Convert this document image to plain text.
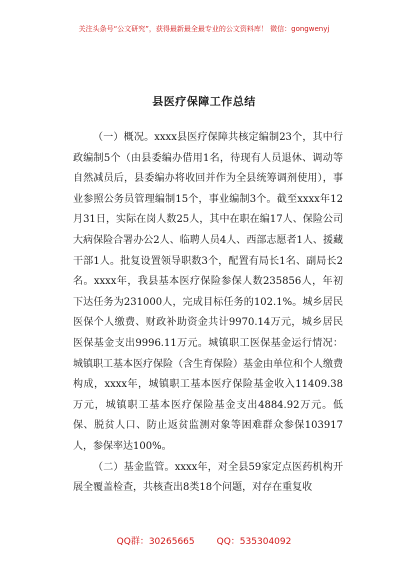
关注头条号“公文研究”，获得最新最全最专业的公文资料库！ 微信：gongwenyj
县医疗保障工作总结

（一）概况。xxxx县医疗保障共核定编制23个，其中行政编制5个（由县委编办借用1名，待现有人员退休、调动等自然减员后，县委编办将收回并作为全县统筹调剂使用），事业参照公务员管理编制15个，事业编制3个。截至xxxx年12月31日，实际在岗人数25人，其中在职在编17人、保险公司大病保险合署办公2人、临聘人员4人、西部志愿者1人、援藏干部1人。批复设置领导职数3个，配置有局长1名、副局长2名。xxxx年，我县基本医疗保险参保人数235856人，年初下达任务为231000人，完成目标任务的102.1%。城乡居民医保个人缴费、财政补助资金共计9970.14万元，城乡居民医保基金支出9996.11万元。城镇职工医保基金运行情况：城镇职工基本医疗保险（含生育保险）基金由单位和个人缴费构成，xxxx年，城镇职工基本医疗保险基金收入11409.38万元，城镇职工基本医疗保险基金支出4884.92万元。低保、脱贫人口、防止返贫监测对象等困难群众参保103917人，参保率达100%。

（二）基金监管。xxxx年，对全县59家定点医药机构开展全覆盖检查，共核查出8类18个问题，对存在重复收

QQ群：30265665 QQ：535304092
